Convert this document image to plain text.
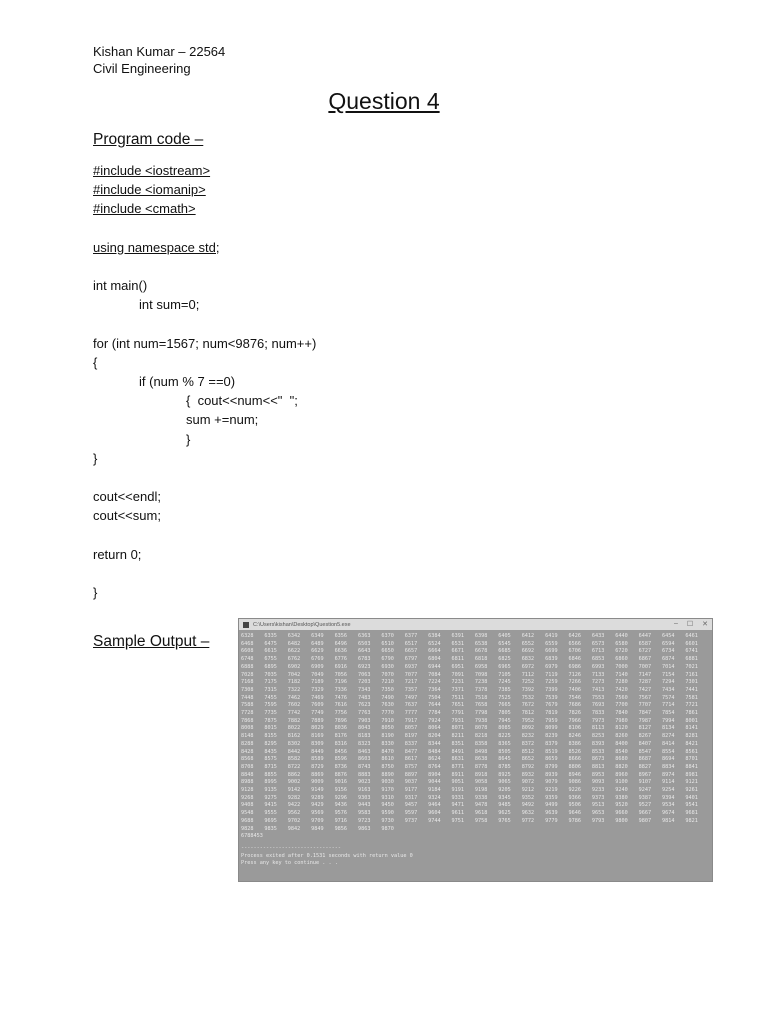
Kishan Kumar – 22564
Civil Engineering
Question 4
Program code –
#include <iostream>
#include <iomanip>
#include <cmath>
using namespace std;
int main()
int sum=0;
for (int num=1567; num<9876; num++)
{
if (num % 7 ==0)
{  cout<<num<<"  ";
sum +=num;
}
}
cout<<endl;
cout<<sum;
return 0;
}
Sample Output –
C:\Users\kishan\Desktop\Question5.exe	– ☐ ✕
6328	6335	6342	6349	6356	6363	6370	6377	6384	6391	6398	6405	6412	6419	6426	6433	6440	6447	6454	6461
6468	6475	6482	6489	6496	6503	6510	6517	6524	6531	6538	6545	6552	6559	6566	6573	6580	6587	6594	6601
6608	6615	6622	6629	6636	6643	6650	6657	6664	6671	6678	6685	6692	6699	6706	6713	6720	6727	6734	6741
6748	6755	6762	6769	6776	6783	6790	6797	6804	6811	6818	6825	6832	6839	6846	6853	6860	6867	6874	6881
6888	6895	6902	6909	6916	6923	6930	6937	6944	6951	6958	6965	6972	6979	6986	6993	7000	7007	7014	7021
7028	7035	7042	7049	7056	7063	7070	7077	7084	7091	7098	7105	7112	7119	7126	7133	7140	7147	7154	7161
7168	7175	7182	7189	7196	7203	7210	7217	7224	7231	7238	7245	7252	7259	7266	7273	7280	7287	7294	7301
7308	7315	7322	7329	7336	7343	7350	7357	7364	7371	7378	7385	7392	7399	7406	7413	7420	7427	7434	7441
7448	7455	7462	7469	7476	7483	7490	7497	7504	7511	7518	7525	7532	7539	7546	7553	7560	7567	7574	7581
7588	7595	7602	7609	7616	7623	7630	7637	7644	7651	7658	7665	7672	7679	7686	7693	7700	7707	7714	7721
7728	7735	7742	7749	7756	7763	7770	7777	7784	7791	7798	7805	7812	7819	7826	7833	7840	7847	7854	7861
7868	7875	7882	7889	7896	7903	7910	7917	7924	7931	7938	7945	7952	7959	7966	7973	7980	7987	7994	8001
8008	8015	8022	8029	8036	8043	8050	8057	8064	8071	8078	8085	8092	8099	8106	8113	8120	8127	8134	8141
8148	8155	8162	8169	8176	8183	8190	8197	8204	8211	8218	8225	8232	8239	8246	8253	8260	8267	8274	8281
8288	8295	8302	8309	8316	8323	8330	8337	8344	8351	8358	8365	8372	8379	8386	8393	8400	8407	8414	8421
8428	8435	8442	8449	8456	8463	8470	8477	8484	8491	8498	8505	8512	8519	8526	8533	8540	8547	8554	8561
8568	8575	8582	8589	8596	8603	8610	8617	8624	8631	8638	8645	8652	8659	8666	8673	8680	8687	8694	8701
8708	8715	8722	8729	8736	8743	8750	8757	8764	8771	8778	8785	8792	8799	8806	8813	8820	8827	8834	8841
8848	8855	8862	8869	8876	8883	8890	8897	8904	8911	8918	8925	8932	8939	8946	8953	8960	8967	8974	8981
8988	8995	9002	9009	9016	9023	9030	9037	9044	9051	9058	9065	9072	9079	9086	9093	9100	9107	9114	9121
9128	9135	9142	9149	9156	9163	9170	9177	9184	9191	9198	9205	9212	9219	9226	9233	9240	9247	9254	9261
9268	9275	9282	9289	9296	9303	9310	9317	9324	9331	9338	9345	9352	9359	9366	9373	9380	9387	9394	9401
9408	9415	9422	9429	9436	9443	9450	9457	9464	9471	9478	9485	9492	9499	9506	9513	9520	9527	9534	9541
9548	9555	9562	9569	9576	9583	9590	9597	9604	9611	9618	9625	9632	9639	9646	9653	9660	9667	9674	9681
9688	9695	9702	9709	9716	9723	9730	9737	9744	9751	9758	9765	9772	9779	9786	9793	9800	9807	9814	9821
9828	9835	9842	9849	9856	9863	9870
6788453
--------------------------------
Process exited after 0.1531 seconds with return value 0
Press any key to continue . . .
